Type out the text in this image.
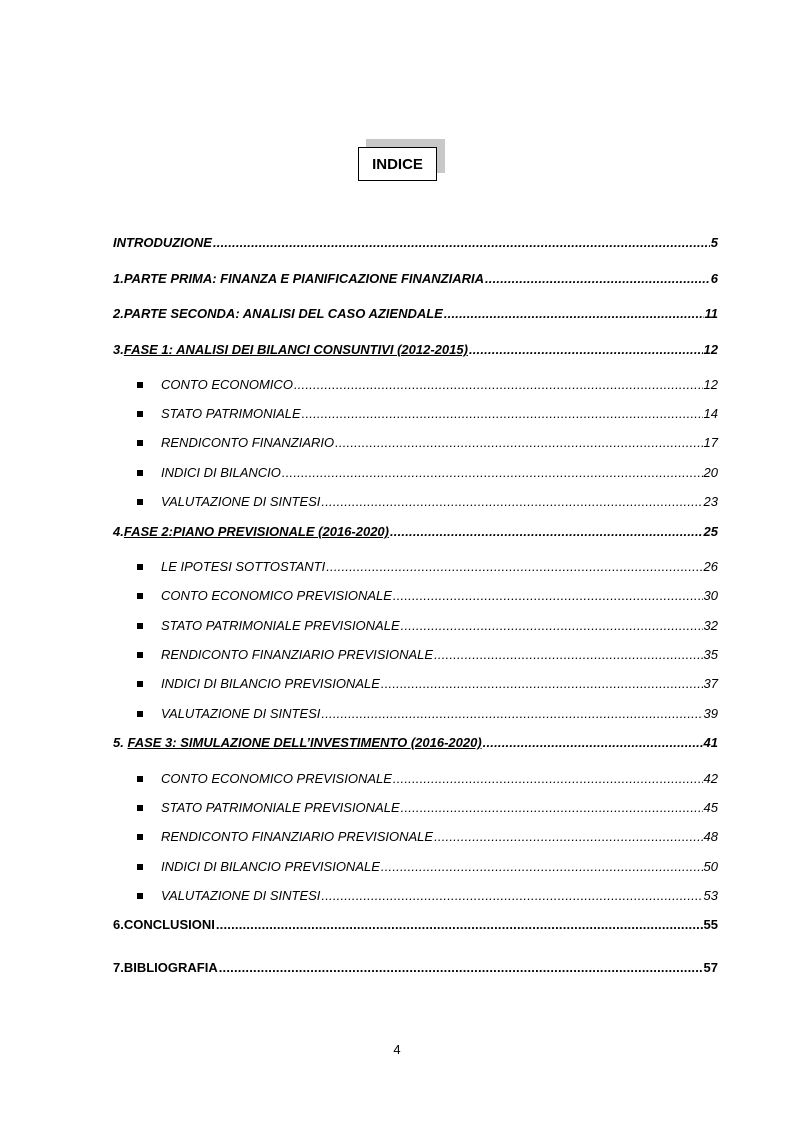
INDICE
INTRODUZIONE .....	5
1.PARTE PRIMA: FINANZA E PIANIFICAZIONE FINANZIARIA .....	6
2.PARTE SECONDA: ANALISI DEL CASO AZIENDALE .....	11
3.FASE 1: ANALISI DEI BILANCI CONSUNTIVI (2012-2015) .....	12
CONTO ECONOMICO .....	12
STATO PATRIMONIALE .....	14
RENDICONTO FINANZIARIO .....	17
INDICI DI BILANCIO .....	20
VALUTAZIONE DI SINTESI .....	23
4.FASE 2:PIANO PREVISIONALE (2016-2020) .....	25
LE IPOTESI SOTTOSTANTI .....	26
CONTO ECONOMICO PREVISIONALE .....	30
STATO PATRIMONIALE PREVISIONALE .....	32
RENDICONTO FINANZIARIO PREVISIONALE .....	35
INDICI DI BILANCIO PREVISIONALE .....	37
VALUTAZIONE DI SINTESI .....	39
5. FASE 3: SIMULAZIONE DELL’INVESTIMENTO (2016-2020) .....	41
CONTO ECONOMICO PREVISIONALE .....	42
STATO PATRIMONIALE PREVISIONALE .....	45
RENDICONTO FINANZIARIO PREVISIONALE .....	48
INDICI DI BILANCIO PREVISIONALE .....	50
VALUTAZIONE DI SINTESI .....	53
6.CONCLUSIONI .....	55
7.BIBLIOGRAFIA .....	57
4
